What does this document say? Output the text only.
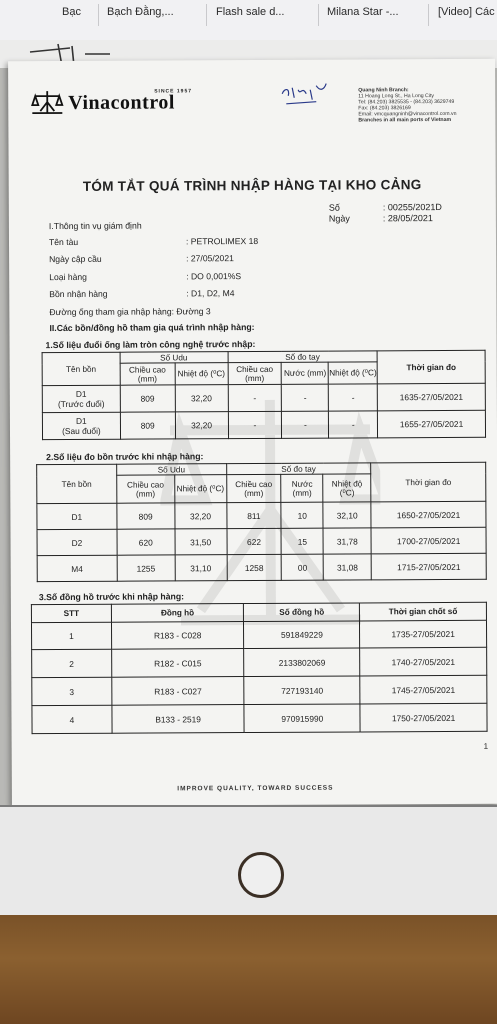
Bạc Bạch Đằng,...	Flash sale d...	Milana Star -...	[Video] Các
Vinacontrol
SINCE 1957	Quang Ninh Branch:
11 Hoang Long St., Ha Long City
Tel: (84.203) 3825535 - (84.203) 3629749
Fax: (84.203) 3826169
Email: vmcquangninh@vinacontrol.com.vn
Branches in all main ports of Vietnam
TÓM TẮT QUÁ TRÌNH NHẬP HÀNG TẠI KHO CẢNG
Số	: 00255/2021D
Ngày	: 28/05/2021
I.Thông tin vụ giám định
Tên tàu	: PETROLIMEX 18
Ngày cập cầu	: 27/05/2021
Loại hàng	: DO 0,001%S
Bồn nhận hàng	: D1, D2, M4
Đường ống tham gia nhập hàng: Đường 3
II.Các bồn/đồng hồ tham gia quá trình nhập hàng:
1.Số liệu đuổi ống làm tròn công nghệ trước nhập:
Tên bồn	Số Udu		Số đo tay			Thời gian đo
	Chiều cao (mm)	Nhiệt độ (⁰C)	Chiều cao (mm)	Nước (mm)	Nhiệt độ (⁰C)	

D1
(Trước đuổi)	809	32,20	-	-	-	1635-27/05/2021

D1
(Sau đuổi)	809	32,20	-	-	-	1655-27/05/2021
2.Số liệu đo bồn trước khi nhập hàng:
Tên bồn	Số Udu		Số đo tay			Thời gian đo
	Chiều cao (mm)	Nhiệt độ (⁰C)	Chiều cao (mm)	Nước (mm)	Nhiệt độ (⁰C)	
D1	809	32,20	811	10	32,10	1650-27/05/2021
D2	620	31,50	622	15	31,78	1700-27/05/2021
M4	1255	31,10	1258	00	31,08	1715-27/05/2021
3.Số đồng hồ trước khi nhập hàng:
STT	Đồng hồ	Số đồng hồ	Thời gian chốt số
1	R183 - C028	591849229	1735-27/05/2021
2	R182 - C015	2133802069	1740-27/05/2021
3	R183 - C027	727193140	1745-27/05/2021
4	B133 - 2519	970915990	1750-27/05/2021
1
IMPROVE QUALITY, TOWARD SUCCESS
